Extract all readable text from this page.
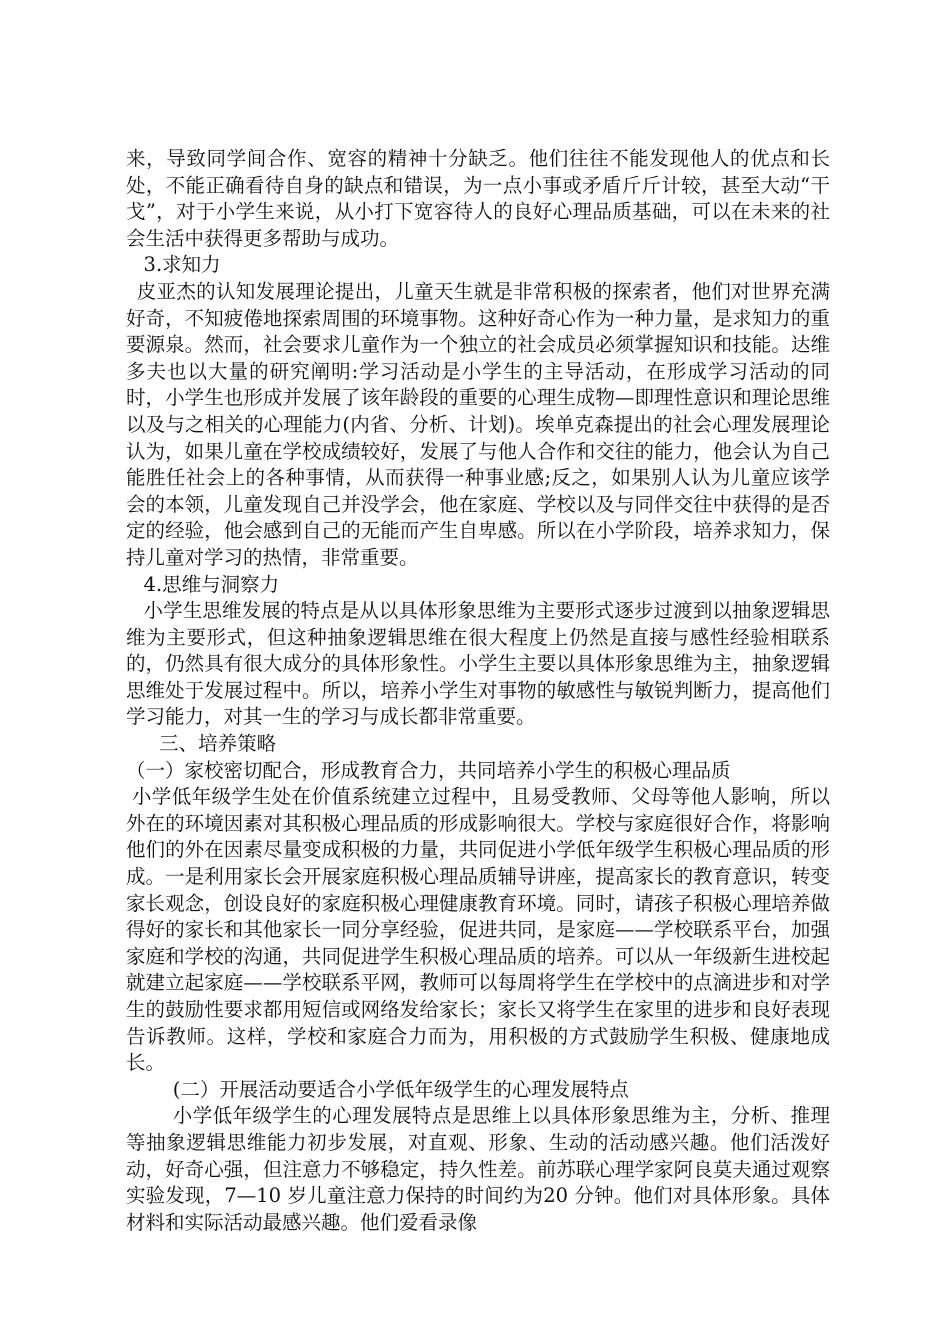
来，导致同学间合作、宽容的精神十分缺乏。他们往往不能发现他人的优点和长处，不能正确看待自身的缺点和错误，为一点小事或矛盾斤斤计较，甚至大动“干戈”，对于小学生来说，从小打下宽容待人的良好心理品质基础，可以在未来的社会生活中获得更多帮助与成功。

3.求知力

皮亚杰的认知发展理论提出，儿童天生就是非常积极的探索者，他们对世界充满好奇，不知疲倦地探索周围的环境事物。这种好奇心作为一种力量，是求知力的重要源泉。然而，社会要求儿童作为一个独立的社会成员必须掌握知识和技能。达维多夫也以大量的研究阐明:学习活动是小学生的主导活动，在形成学习活动的同时，小学生也形成并发展了该年龄段的重要的心理生成物—即理性意识和理论思维以及与之相关的心理能力(内省、分析、计划)。埃单克森提出的社会心理发展理论认为，如果儿童在学校成绩较好，发展了与他人合作和交往的能力，他会认为自己能胜任社会上的各种事情，从而获得一种事业感;反之，如果别人认为儿童应该学会的本领，儿童发现自己并没学会，他在家庭、学校以及与同伴交往中获得的是否定的经验，他会感到自己的无能而产生自卑感。所以在小学阶段，培养求知力，保持儿童对学习的热情，非常重要。

4.思维与洞察力

小学生思维发展的特点是从以具体形象思维为主要形式逐步过渡到以抽象逻辑思维为主要形式，但这种抽象逻辑思维在很大程度上仍然是直接与感性经验相联系的，仍然具有很大成分的具体形象性。小学生主要以具体形象思维为主，抽象逻辑思维处于发展过程中。所以，培养小学生对事物的敏感性与敏锐判断力，提高他们学习能力，对其一生的学习与成长都非常重要。

三、培养策略

（一）家校密切配合，形成教育合力，共同培养小学生的积极心理品质

小学低年级学生处在价值系统建立过程中，且易受教师、父母等他人影响，所以外在的环境因素对其积极心理品质的形成影响很大。学校与家庭很好合作，将影响他们的外在因素尽量变成积极的力量，共同促进小学低年级学生积极心理品质的形成。一是利用家长会开展家庭积极心理品质辅导讲座，提高家长的教育意识，转变家长观念，创设良好的家庭积极心理健康教育环境。同时，请孩子积极心理培养做得好的家长和其他家长一同分享经验，促进共同，是家庭——学校联系平台，加强家庭和学校的沟通，共同促进学生积极心理品质的培养。可以从一年级新生进校起就建立起家庭——学校联系平网，教师可以每周将学生在学校中的点滴进步和对学生的鼓励性要求都用短信或网络发给家长；家长又将学生在家里的进步和良好表现告诉教师。这样，学校和家庭合力而为，用积极的方式鼓励学生积极、健康地成长。

(二）开展活动要适合小学低年级学生的心理发展特点

小学低年级学生的心理发展特点是思维上以具体形象思维为主，分析、推理等抽象逻辑思维能力初步发展，对直观、形象、生动的活动感兴趣。他们活泼好动，好奇心强，但注意力不够稳定，持久性差。前苏联心理学家阿良莫夫通过观察实验发现，7—10 岁儿童注意力保持的时间约为20 分钟。他们对具体形象。具体材料和实际活动最感兴趣。他们爱看录像
